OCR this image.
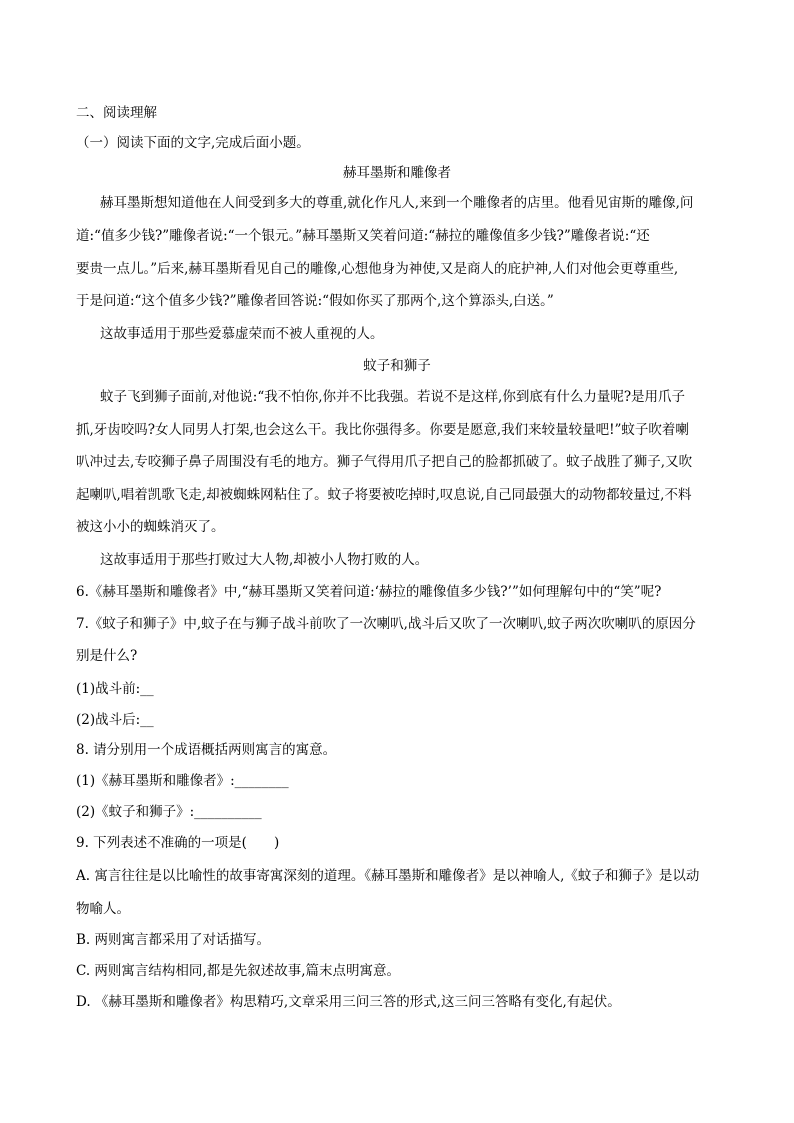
二、阅读理解
（一）阅读下面的文字,完成后面小题。
赫耳墨斯和雕像者
赫耳墨斯想知道他在人间受到多大的尊重,就化作凡人,来到一个雕像者的店里。他看见宙斯的雕像,问
道:“值多少钱?”雕像者说:“一个银元。”赫耳墨斯又笑着问道:“赫拉的雕像值多少钱?”雕像者说:“还
要贵一点儿。”后来,赫耳墨斯看见自己的雕像,心想他身为神使,又是商人的庇护神,人们对他会更尊重些,
于是问道:“这个值多少钱?”雕像者回答说:“假如你买了那两个,这个算添头,白送。”
这故事适用于那些爱慕虚荣而不被人重视的人。
蚊子和狮子
蚊子飞到狮子面前,对他说:“我不怕你,你并不比我强。若说不是这样,你到底有什么力量呢?是用爪子
抓,牙齿咬吗?女人同男人打架,也会这么干。我比你强得多。你要是愿意,我们来较量较量吧!”蚊子吹着喇
叭冲过去,专咬狮子鼻子周围没有毛的地方。狮子气得用爪子把自己的脸都抓破了。蚊子战胜了狮子,又吹
起喇叭,唱着凯歌飞走,却被蜘蛛网粘住了。蚊子将要被吃掉时,叹息说,自己同最强大的动物都较量过,不料
被这小小的蜘蛛消灭了。
这故事适用于那些打败过大人物,却被小人物打败的人。
6.《赫耳墨斯和雕像者》中,“赫耳墨斯又笑着问道:‘赫拉的雕像值多少钱?’”如何理解句中的“笑”呢?
7.《蚊子和狮子》中,蚊子在与狮子战斗前吹了一次喇叭,战斗后又吹了一次喇叭,蚊子两次吹喇叭的原因分
别是什么?
(1)战斗前:__
(2)战斗后:__
8. 请分别用一个成语概括两则寓言的寓意。
(1)《赫耳墨斯和雕像者》:________
(2)《蚊子和狮子》:__________
9. 下列表述不准确的一项是(　　)
A. 寓言往往是以比喻性的故事寄寓深刻的道理。《赫耳墨斯和雕像者》是以神喻人,《蚊子和狮子》是以动
物喻人。
B. 两则寓言都采用了对话描写。
C. 两则寓言结构相同,都是先叙述故事,篇末点明寓意。
D. 《赫耳墨斯和雕像者》构思精巧,文章采用三问三答的形式,这三问三答略有变化,有起伏。
